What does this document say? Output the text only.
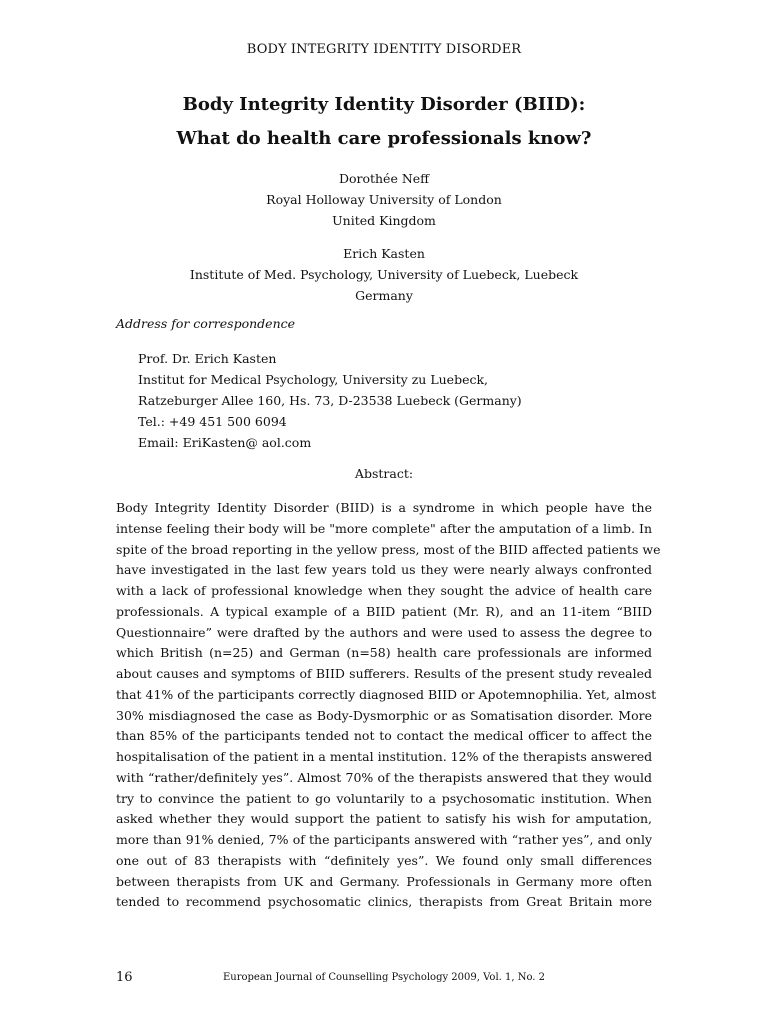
BODY INTEGRITY IDENTITY DISORDER
Body Integrity Identity Disorder (BIID):
What do health care professionals know?
Dorothée Neff
Royal Holloway University of London
United Kingdom
Erich Kasten
Institute of Med. Psychology, University of Luebeck, Luebeck
Germany
Address for correspondence
Prof. Dr. Erich Kasten
Institut for Medical Psychology, University zu Luebeck,
Ratzeburger Allee 160, Hs. 73, D-23538 Luebeck (Germany)
Tel.: +49 451 500 6094
Email: EriKasten@ aol.com
Abstract:
Body Integrity Identity Disorder (BIID) is a syndrome in which people have the
intense feeling their body will be "more complete" after the amputation of a limb. In
spite of the broad reporting in the yellow press, most of the BIID affected patients we
have investigated in the last few years told us they were nearly always confronted
with a lack of professional knowledge when they sought the advice of health care
professionals. A typical example of a BIID patient (Mr. R), and an 11-item “BIID
Questionnaire” were drafted by the authors and were used to assess the degree to
which British (n=25) and German (n=58) health care professionals are informed
about causes and symptoms of BIID sufferers. Results of the present study revealed
that 41% of the participants correctly diagnosed BIID or Apotemnophilia. Yet, almost
30% misdiagnosed the case as Body-Dysmorphic or as Somatisation disorder. More
than 85% of the participants tended not to contact the medical officer to affect the
hospitalisation of the patient in a mental institution. 12% of the therapists answered
with “rather/definitely yes”. Almost 70% of the therapists answered that they would
try to convince the patient to go voluntarily to a psychosomatic institution. When
asked whether they would support the patient to satisfy his wish for amputation,
more than 91% denied, 7% of the participants answered with “rather yes”, and only
one out of 83 therapists with “definitely yes”. We found only small differences
between therapists from UK and Germany. Professionals in Germany more often
tended to recommend psychosomatic clinics, therapists from Great Britain more
16	European Journal of Counselling Psychology 2009, Vol. 1, No. 2
